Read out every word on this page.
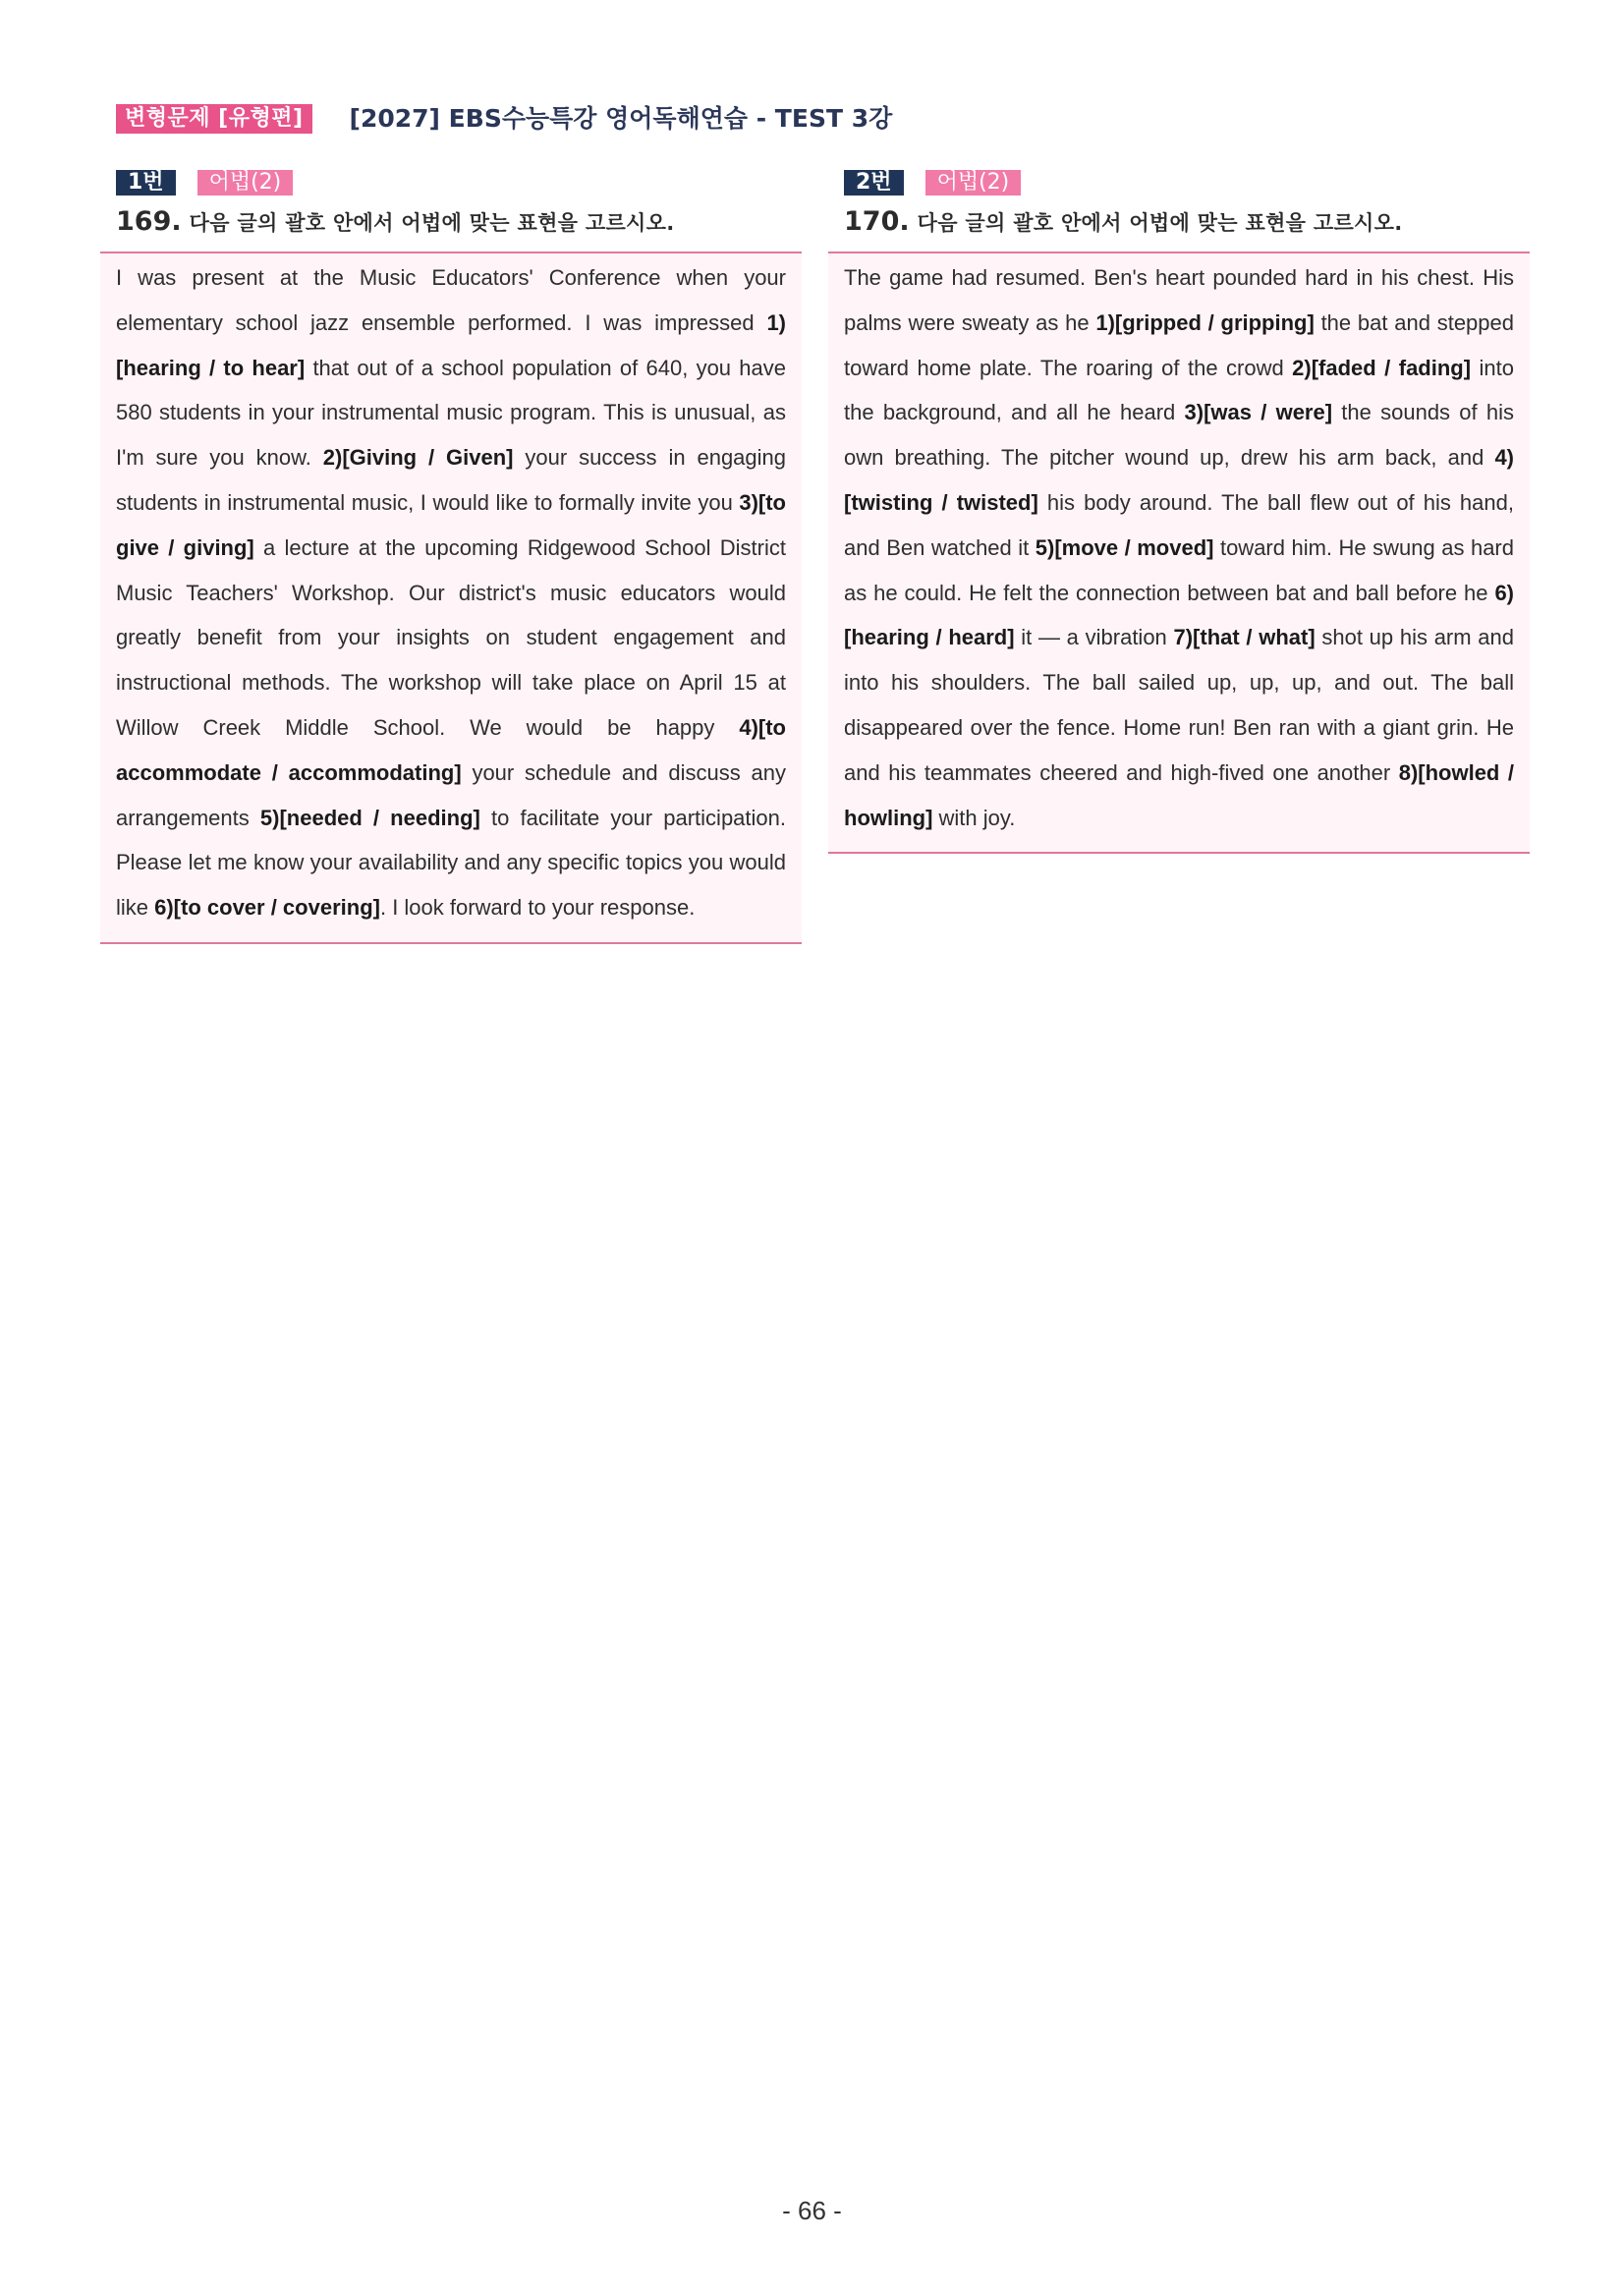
변형문제 [유형편]	[2027] EBS수능특강 영어독해연습 - TEST 3강
1번	어법(2)
169. 다음 글의 괄호 안에서 어법에 맞는 표현을 고르시오.
I was present at the Music Educators' Conference when your elementary school jazz ensemble performed. I was impressed 1)[hearing / to hear] that out of a school population of 640, you have 580 students in your instrumental music program. This is unusual, as I'm sure you know. 2)[Giving / Given] your success in engaging students in instrumental music, I would like to formally invite you 3)[to give / giving] a lecture at the upcoming Ridgewood School District Music Teachers' Workshop. Our district's music educators would greatly benefit from your insights on student engagement and instructional methods. The workshop will take place on April 15 at Willow Creek Middle School. We would be happy 4)[to accommodate / accommodating] your schedule and discuss any arrangements 5)[needed / needing] to facilitate your participation. Please let me know your availability and any specific topics you would like 6)[to cover / covering]. I look forward to your response.
2번	어법(2)
170. 다음 글의 괄호 안에서 어법에 맞는 표현을 고르시오.
The game had resumed. Ben's heart pounded hard in his chest. His palms were sweaty as he 1)[gripped / gripping] the bat and stepped toward home plate. The roaring of the crowd 2)[faded / fading] into the background, and all he heard 3)[was / were] the sounds of his own breathing. The pitcher wound up, drew his arm back, and 4)[twisting / twisted] his body around. The ball flew out of his hand, and Ben watched it 5)[move / moved] toward him. He swung as hard as he could. He felt the connection between bat and ball before he 6)[hearing / heard] it — a vibration 7)[that / what] shot up his arm and into his shoulders. The ball sailed up, up, up, and out. The ball disappeared over the fence. Home run! Ben ran with a giant grin. He and his teammates cheered and high-fived one another 8)[howled / howling] with joy.
- 66 -
